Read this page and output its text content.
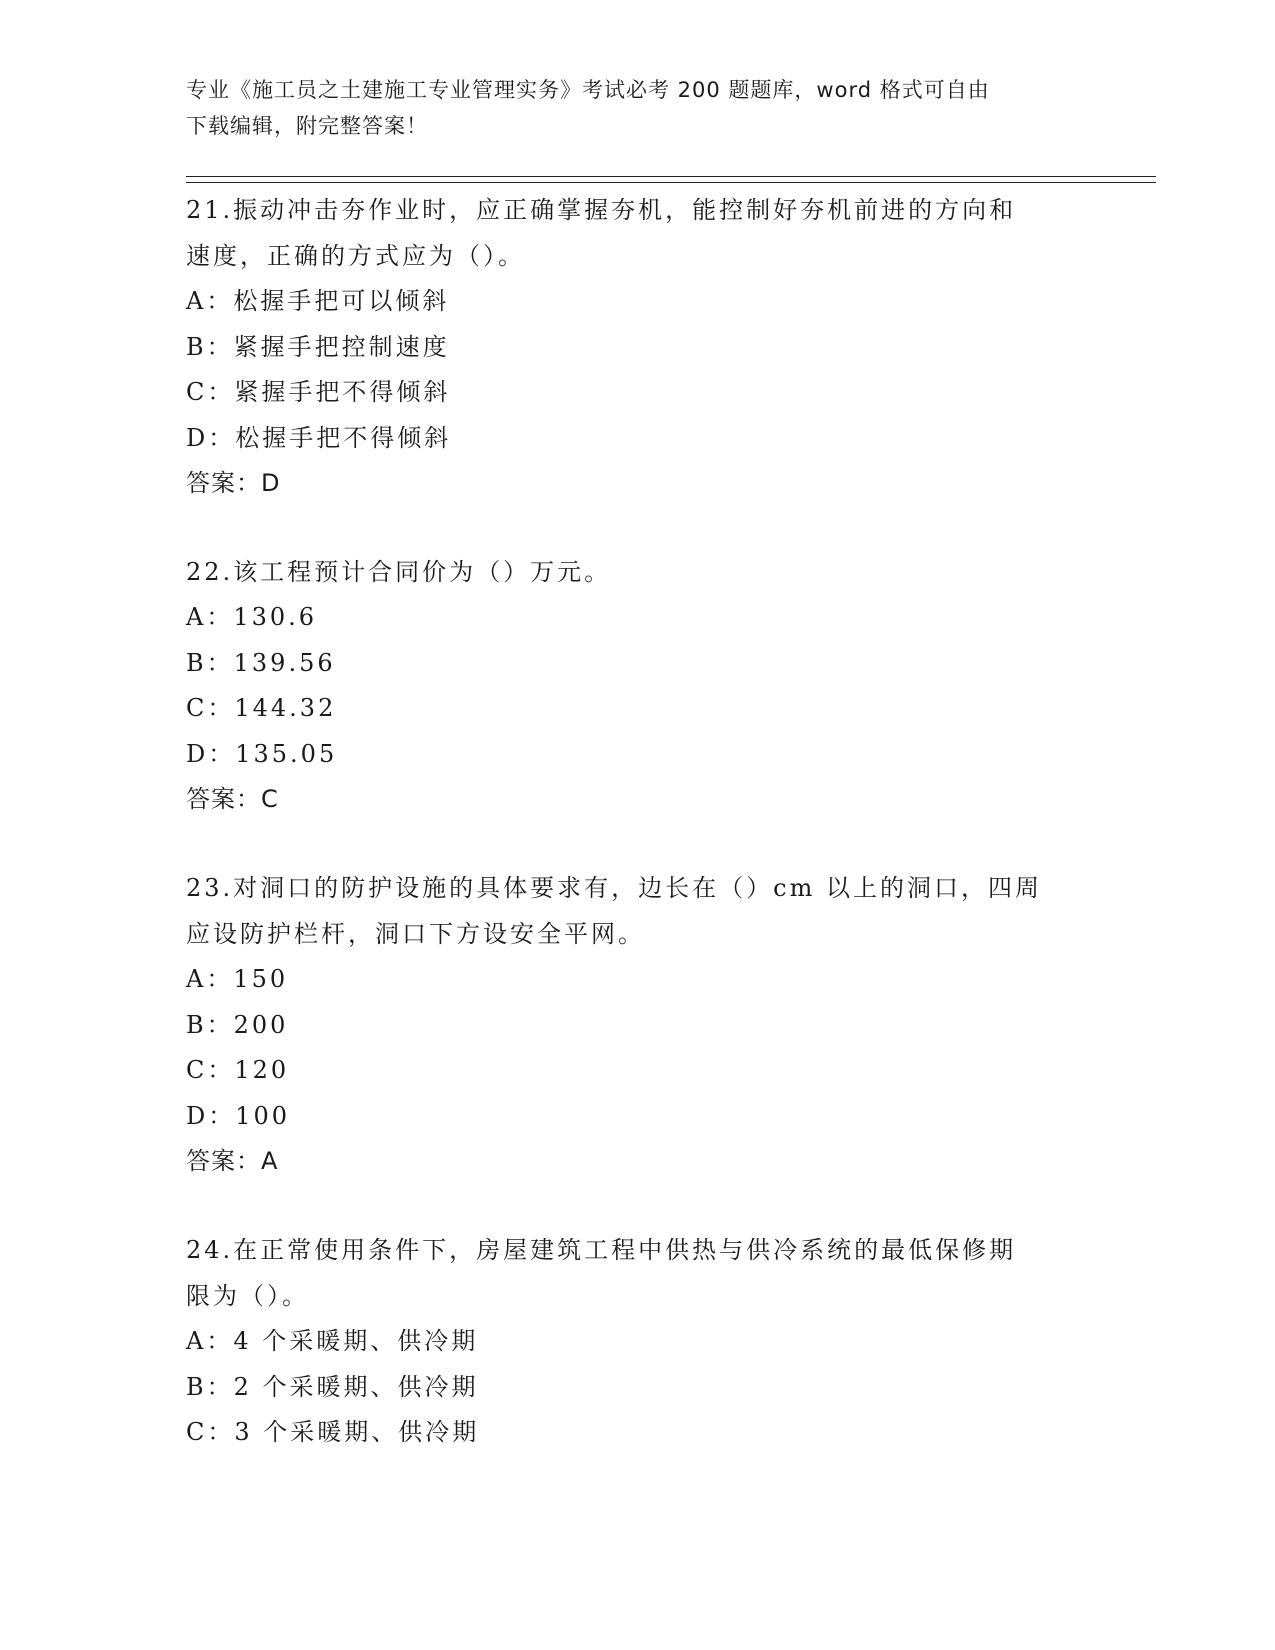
专业《施工员之土建施工专业管理实务》考试必考 200 题题库，word 格式可自由
下载编辑，附完整答案！
21.振动冲击夯作业时，应正确掌握夯机，能控制好夯机前进的方向和
速度，正确的方式应为（）。
A：松握手把可以倾斜
B：紧握手把控制速度
C：紧握手把不得倾斜
D：松握手把不得倾斜
答案：D
22.该工程预计合同价为（）万元。
A：130.6
B：139.56
C：144.32
D：135.05
答案：C
23.对洞口的防护设施的具体要求有，边长在（）cm 以上的洞口，四周
应设防护栏杆，洞口下方设安全平网。
A：150
B：200
C：120
D：100
答案：A
24.在正常使用条件下，房屋建筑工程中供热与供冷系统的最低保修期
限为（）。
A：4 个采暖期、供冷期
B：2 个采暖期、供冷期
C：3 个采暖期、供冷期
